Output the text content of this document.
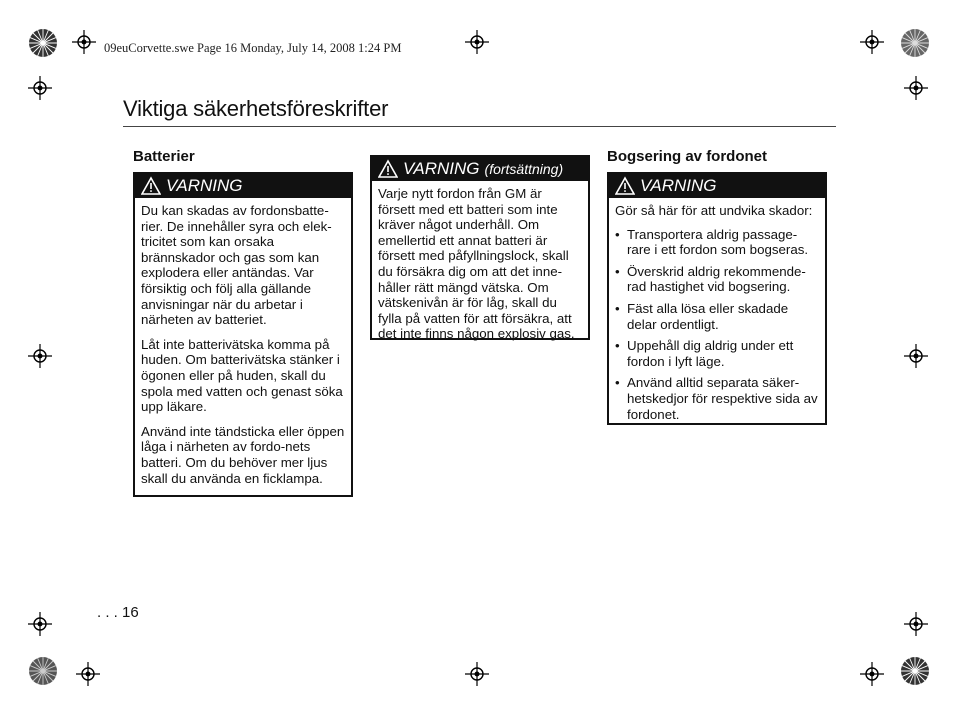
09euCorvette.swe Page 16 Monday, July 14, 2008 1:24 PM
Viktiga säkerhetsföreskrifter
Batterier
VARNING

Du kan skadas av fordonsbatte-rier. De innehåller syra och elek-tricitet som kan orsaka brännskador och gas som kan explodera eller antändas. Var försiktig och följ alla gällande anvisningar när du arbetar i närheten av batteriet.

Låt inte batterivätska komma på huden. Om batterivätska stänker i ögonen eller på huden, skall du spola med vatten och genast söka upp läkare.

Använd inte tändsticka eller öppen låga i närheten av fordo-nets batteri. Om du behöver mer ljus skall du använda en ficklampa.

VARNING (fortsättning)

Varje nytt fordon från GM är försett med ett batteri som inte kräver något underhåll. Om emellertid ett annat batteri är försett med påfyllningslock, skall du försäkra dig om att det inne-håller rätt mängd vätska. Om vätskenivån är för låg, skall du fylla på vatten för att försäkra, att det inte finns någon explosiv gas.

Bogsering av fordonet
VARNING

Gör så här för att undvika skador:

• Transportera aldrig passage-rare i ett fordon som bogseras.
• Överskrid aldrig rekommende-rad hastighet vid bogsering.
• Fäst alla lösa eller skadade delar ordentligt.
• Uppehåll dig aldrig under ett fordon i lyft läge.
• Använd alltid separata säker-hetskedjor för respektive sida av fordonet.
. . . 16
